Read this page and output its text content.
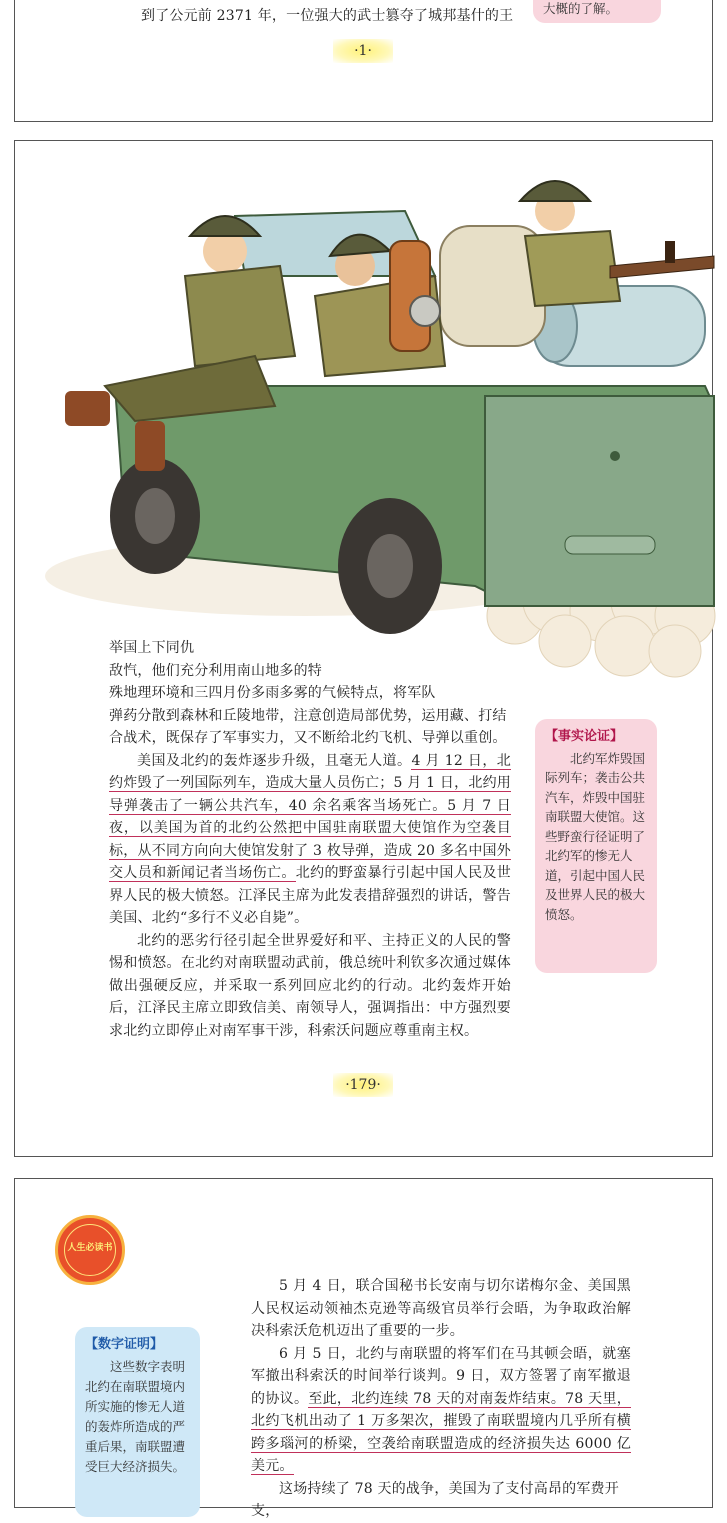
大概的了解。
到了公元前 2371 年，一位强大的武士篡夺了城邦基什的王
·1·
举国上下同仇
敌忾，他们充分利用南山地多的特
殊地理环境和三四月份多雨多雾的气候特点，将军队
弹药分散到森林和丘陵地带，注意创造局部优势，运用藏、打结
合战术，既保存了军事实力，又不断给北约飞机、导弹以重创。
美国及北约的轰炸逐步升级，且毫无人道。4 月 12 日，北约炸毁了一列国际列车，造成大量人员伤亡；5 月 1 日，北约用导弹袭击了一辆公共汽车，40 余名乘客当场死亡。5 月 7 日夜，以美国为首的北约公然把中国驻南联盟大使馆作为空袭目标，从不同方向向大使馆发射了 3 枚导弹，造成 20 多名中国外交人员和新闻记者当场伤亡。北约的野蛮暴行引起中国人民及世界人民的极大愤怒。江泽民主席为此发表措辞强烈的讲话，警告美国、北约“多行不义必自毙”。
北约的恶劣行径引起全世界爱好和平、主持正义的人民的警惕和愤怒。在北约对南联盟动武前，俄总统叶利钦多次通过媒体做出强硬反应，并采取一系列回应北约的行动。北约轰炸开始后，江泽民主席立即致信美、南领导人，强调指出：中方强烈要求北约立即停止对南军事干涉，科索沃问题应尊重南主权。
【事实论证】
北约军炸毁国际列车；袭击公共汽车，炸毁中国驻南联盟大使馆。这些野蛮行径证明了北约军的惨无人道，引起中国人民及世界人民的极大愤怒。
·179·
人生必读书
【数字证明】
这些数字表明北约在南联盟境内所实施的惨无人道的轰炸所造成的严重后果，南联盟遭受巨大经济损失。
5 月 4 日，联合国秘书长安南与切尔诺梅尔金、美国黑人民权运动领袖杰克逊等高级官员举行会晤，为争取政治解决科索沃危机迈出了重要的一步。
6 月 5 日，北约与南联盟的将军们在马其顿会晤，就塞军撤出科索沃的时间举行谈判。9 日，双方签署了南军撤退的协议。至此，北约连续 78 天的对南轰炸结束。78 天里，北约飞机出动了 1 万多架次，摧毁了南联盟境内几乎所有横跨多瑙河的桥梁，空袭给南联盟造成的经济损失达 6000 亿美元。
这场持续了 78 天的战争，美国为了支付高昂的军费开支，
